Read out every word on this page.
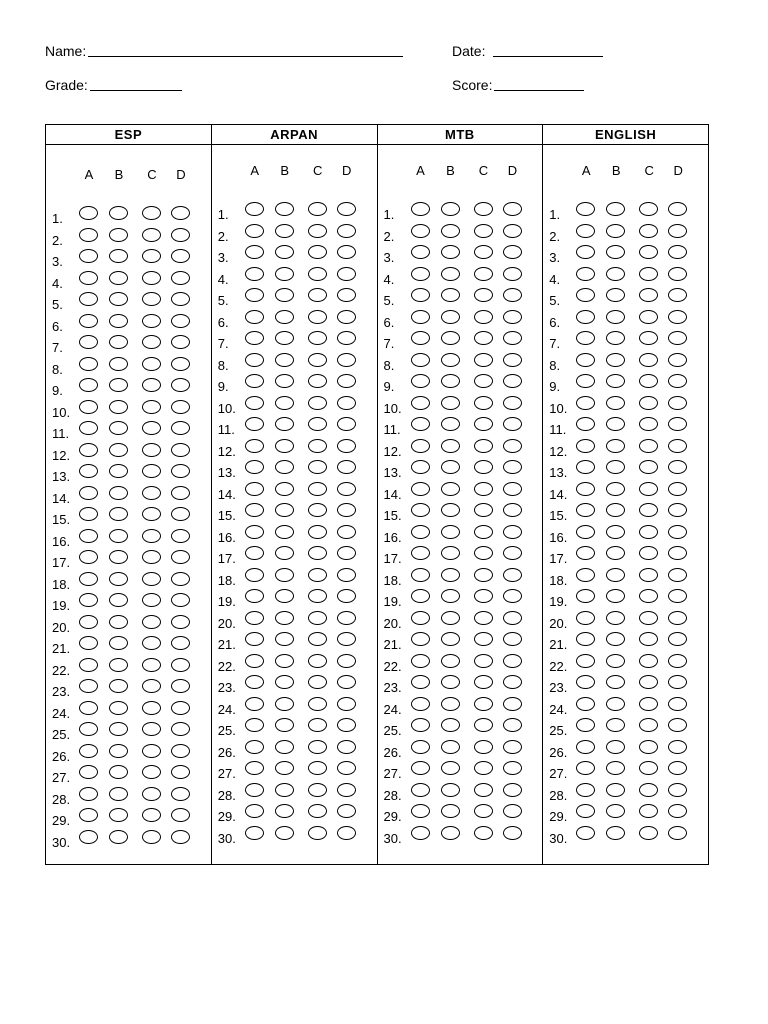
Name:	Date:
Grade:	Score:
ESP
A	B	C	D
1.
2.
3.
4.
5.
6.
7.
8.
9.
10.
11.
12.
13.
14.
15.
16.
17.
18.
19.
20.
21.
22.
23.
24.
25.
26.
27.
28.
29.
30.
ARPAN
A	B	C	D
1.
2.
3.
4.
5.
6.
7.
8.
9.
10.
11.
12.
13.
14.
15.
16.
17.
18.
19.
20.
21.
22.
23.
24.
25.
26.
27.
28.
29.
30.
MTB
A	B	C	D
1.
2.
3.
4.
5.
6.
7.
8.
9.
10.
11.
12.
13.
14.
15.
16.
17.
18.
19.
20.
21.
22.
23.
24.
25.
26.
27.
28.
29.
30.
ENGLISH
A	B	C	D
1.
2.
3.
4.
5.
6.
7.
8.
9.
10.
11.
12.
13.
14.
15.
16.
17.
18.
19.
20.
21.
22.
23.
24.
25.
26.
27.
28.
29.
30.
